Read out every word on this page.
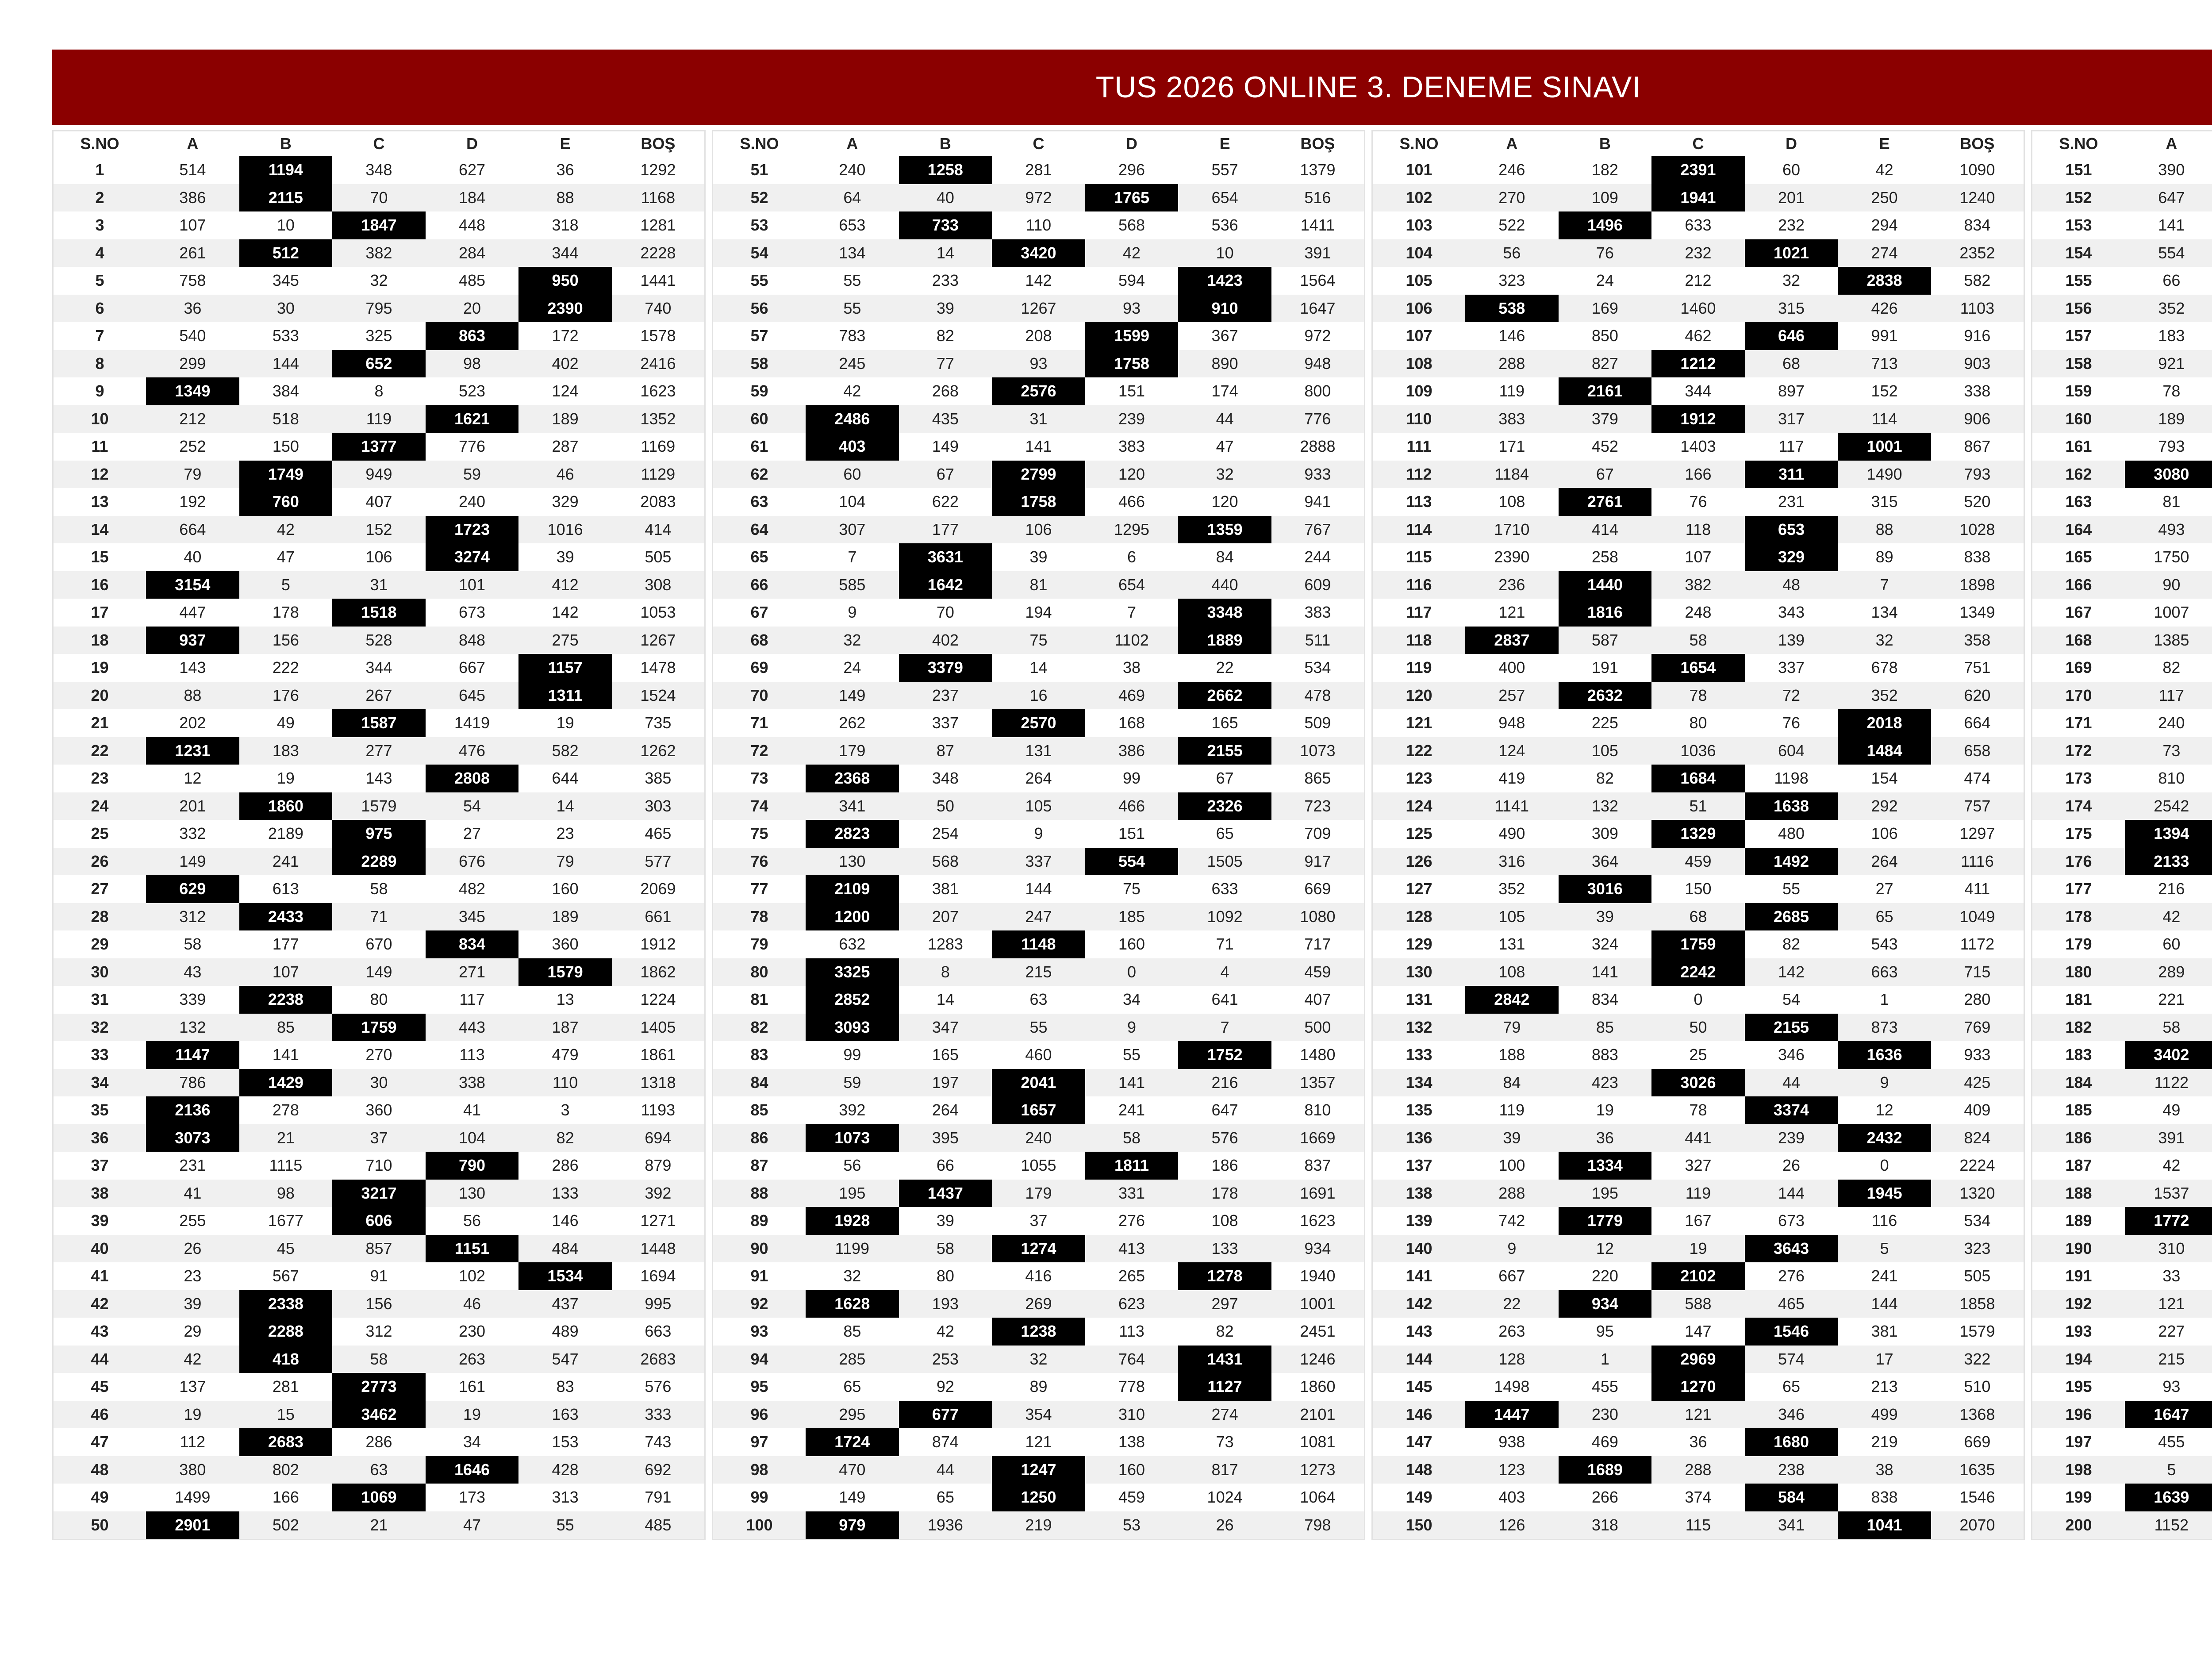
TUS 2026 ONLINE 3. DENEME SINAVI
S.NO	A	B	C	D	E	BOŞ
1	514	1194	348	627	36	1292
2	386	2115	70	184	88	1168
3	107	10	1847	448	318	1281
4	261	512	382	284	344	2228
5	758	345	32	485	950	1441
6	36	30	795	20	2390	740
7	540	533	325	863	172	1578
8	299	144	652	98	402	2416
9	1349	384	8	523	124	1623
10	212	518	119	1621	189	1352
11	252	150	1377	776	287	1169
12	79	1749	949	59	46	1129
13	192	760	407	240	329	2083
14	664	42	152	1723	1016	414
15	40	47	106	3274	39	505
16	3154	5	31	101	412	308
17	447	178	1518	673	142	1053
18	937	156	528	848	275	1267
19	143	222	344	667	1157	1478
20	88	176	267	645	1311	1524
21	202	49	1587	1419	19	735
22	1231	183	277	476	582	1262
23	12	19	143	2808	644	385
24	201	1860	1579	54	14	303
25	332	2189	975	27	23	465
26	149	241	2289	676	79	577
27	629	613	58	482	160	2069
28	312	2433	71	345	189	661
29	58	177	670	834	360	1912
30	43	107	149	271	1579	1862
31	339	2238	80	117	13	1224
32	132	85	1759	443	187	1405
33	1147	141	270	113	479	1861
34	786	1429	30	338	110	1318
35	2136	278	360	41	3	1193
36	3073	21	37	104	82	694
37	231	1115	710	790	286	879
38	41	98	3217	130	133	392
39	255	1677	606	56	146	1271
40	26	45	857	1151	484	1448
41	23	567	91	102	1534	1694
42	39	2338	156	46	437	995
43	29	2288	312	230	489	663
44	42	418	58	263	547	2683
45	137	281	2773	161	83	576
46	19	15	3462	19	163	333
47	112	2683	286	34	153	743
48	380	802	63	1646	428	692
49	1499	166	1069	173	313	791
50	2901	502	21	47	55	485
S.NO	A	B	C	D	E	BOŞ
51	240	1258	281	296	557	1379
52	64	40	972	1765	654	516
53	653	733	110	568	536	1411
54	134	14	3420	42	10	391
55	55	233	142	594	1423	1564
56	55	39	1267	93	910	1647
57	783	82	208	1599	367	972
58	245	77	93	1758	890	948
59	42	268	2576	151	174	800
60	2486	435	31	239	44	776
61	403	149	141	383	47	2888
62	60	67	2799	120	32	933
63	104	622	1758	466	120	941
64	307	177	106	1295	1359	767
65	7	3631	39	6	84	244
66	585	1642	81	654	440	609
67	9	70	194	7	3348	383
68	32	402	75	1102	1889	511
69	24	3379	14	38	22	534
70	149	237	16	469	2662	478
71	262	337	2570	168	165	509
72	179	87	131	386	2155	1073
73	2368	348	264	99	67	865
74	341	50	105	466	2326	723
75	2823	254	9	151	65	709
76	130	568	337	554	1505	917
77	2109	381	144	75	633	669
78	1200	207	247	185	1092	1080
79	632	1283	1148	160	71	717
80	3325	8	215	0	4	459
81	2852	14	63	34	641	407
82	3093	347	55	9	7	500
83	99	165	460	55	1752	1480
84	59	197	2041	141	216	1357
85	392	264	1657	241	647	810
86	1073	395	240	58	576	1669
87	56	66	1055	1811	186	837
88	195	1437	179	331	178	1691
89	1928	39	37	276	108	1623
90	1199	58	1274	413	133	934
91	32	80	416	265	1278	1940
92	1628	193	269	623	297	1001
93	85	42	1238	113	82	2451
94	285	253	32	764	1431	1246
95	65	92	89	778	1127	1860
96	295	677	354	310	274	2101
97	1724	874	121	138	73	1081
98	470	44	1247	160	817	1273
99	149	65	1250	459	1024	1064
100	979	1936	219	53	26	798
S.NO	A	B	C	D	E	BOŞ
101	246	182	2391	60	42	1090
102	270	109	1941	201	250	1240
103	522	1496	633	232	294	834
104	56	76	232	1021	274	2352
105	323	24	212	32	2838	582
106	538	169	1460	315	426	1103
107	146	850	462	646	991	916
108	288	827	1212	68	713	903
109	119	2161	344	897	152	338
110	383	379	1912	317	114	906
111	171	452	1403	117	1001	867
112	1184	67	166	311	1490	793
113	108	2761	76	231	315	520
114	1710	414	118	653	88	1028
115	2390	258	107	329	89	838
116	236	1440	382	48	7	1898
117	121	1816	248	343	134	1349
118	2837	587	58	139	32	358
119	400	191	1654	337	678	751
120	257	2632	78	72	352	620
121	948	225	80	76	2018	664
122	124	105	1036	604	1484	658
123	419	82	1684	1198	154	474
124	1141	132	51	1638	292	757
125	490	309	1329	480	106	1297
126	316	364	459	1492	264	1116
127	352	3016	150	55	27	411
128	105	39	68	2685	65	1049
129	131	324	1759	82	543	1172
130	108	141	2242	142	663	715
131	2842	834	0	54	1	280
132	79	85	50	2155	873	769
133	188	883	25	346	1636	933
134	84	423	3026	44	9	425
135	119	19	78	3374	12	409
136	39	36	441	239	2432	824
137	100	1334	327	26	0	2224
138	288	195	119	144	1945	1320
139	742	1779	167	673	116	534
140	9	12	19	3643	5	323
141	667	220	2102	276	241	505
142	22	934	588	465	144	1858
143	263	95	147	1546	381	1579
144	128	1	2969	574	17	322
145	1498	455	1270	65	213	510
146	1447	230	121	346	499	1368
147	938	469	36	1680	219	669
148	123	1689	288	238	38	1635
149	403	266	374	584	838	1546
150	126	318	115	341	1041	2070
S.NO	A					
151	390					
152	647					
153	141					
154	554					
155	66					
156	352					
157	183					
158	921					
159	78					
160	189					
161	793					
162	3080					
163	81					
164	493					
165	1750					
166	90					
167	1007					
168	1385					
169	82					
170	117					
171	240					
172	73					
173	810					
174	2542					
175	1394					
176	2133					
177	216					
178	42					
179	60					
180	289					
181	221					
182	58					
183	3402					
184	1122					
185	49					
186	391					
187	42					
188	1537					
189	1772					
190	310					
191	33					
192	121					
193	227					
194	215					
195	93					
196	1647					
197	455					
198	5					
199	1639					
200	1152					
